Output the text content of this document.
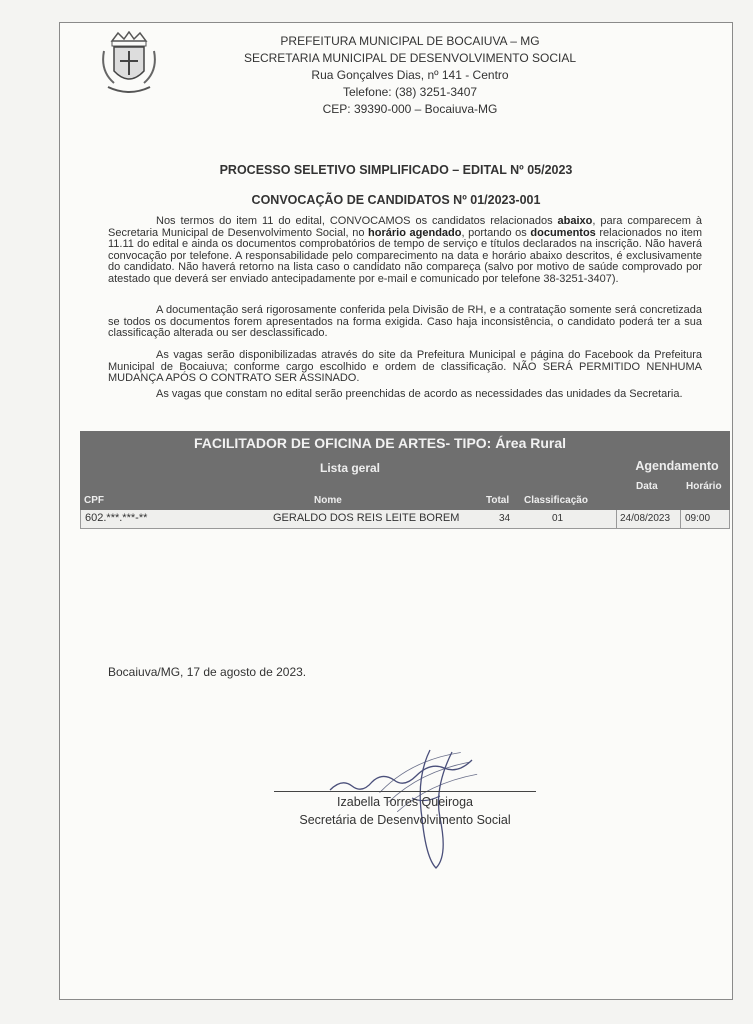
PREFEITURA MUNICIPAL DE BOCAIUVA – MG
SECRETARIA MUNICIPAL DE DESENVOLVIMENTO SOCIAL
Rua Gonçalves Dias, nº 141 - Centro
Telefone: (38) 3251-3407
CEP: 39390-000 – Bocaiuva-MG
PROCESSO SELETIVO SIMPLIFICADO – EDITAL Nº 05/2023
CONVOCAÇÃO DE CANDIDATOS Nº 01/2023-001
Nos termos do item 11 do edital, CONVOCAMOS os candidatos relacionados abaixo, para comparecem à Secretaria Municipal de Desenvolvimento Social, no horário agendado, portando os documentos relacionados no item 11.11 do edital e ainda os documentos comprobatórios de tempo de serviço e títulos declarados na inscrição. Não haverá convocação por telefone. A responsabilidade pelo comparecimento na data e horário abaixo descritos, é exclusivamente do candidato. Não haverá retorno na lista caso o candidato não compareça (salvo por motivo de saúde comprovado por atestado que deverá ser enviado antecipadamente por e-mail e comunicado por telefone 38-3251-3407).
A documentação será rigorosamente conferida pela Divisão de RH, e a contratação somente será concretizada se todos os documentos forem apresentados na forma exigida. Caso haja inconsistência, o candidato poderá ter a sua classificação alterada ou ser desclassificado.
As vagas serão disponibilizadas através do site da Prefeitura Municipal e página do Facebook da Prefeitura Municipal de Bocaiuva; conforme cargo escolhido e ordem de classificação. NÃO SERÁ PERMITIDO NENHUMA MUDANÇA APÓS O CONTRATO SER ASSINADO.
As vagas que constam no edital serão preenchidas de acordo as necessidades das unidades da Secretaria.
FACILITADOR DE OFICINA DE ARTES- TIPO: Área Rural
Lista geral	Agendamento
Data	Horário
CPF	Nome	Total Classificação
602.***.***-**	GERALDO DOS REIS LEITE BOREM	34	01	24/08/2023 09:00
Bocaiuva/MG, 17 de agosto de 2023.
Izabella Torres Queiroga
Secretária de Desenvolvimento Social
